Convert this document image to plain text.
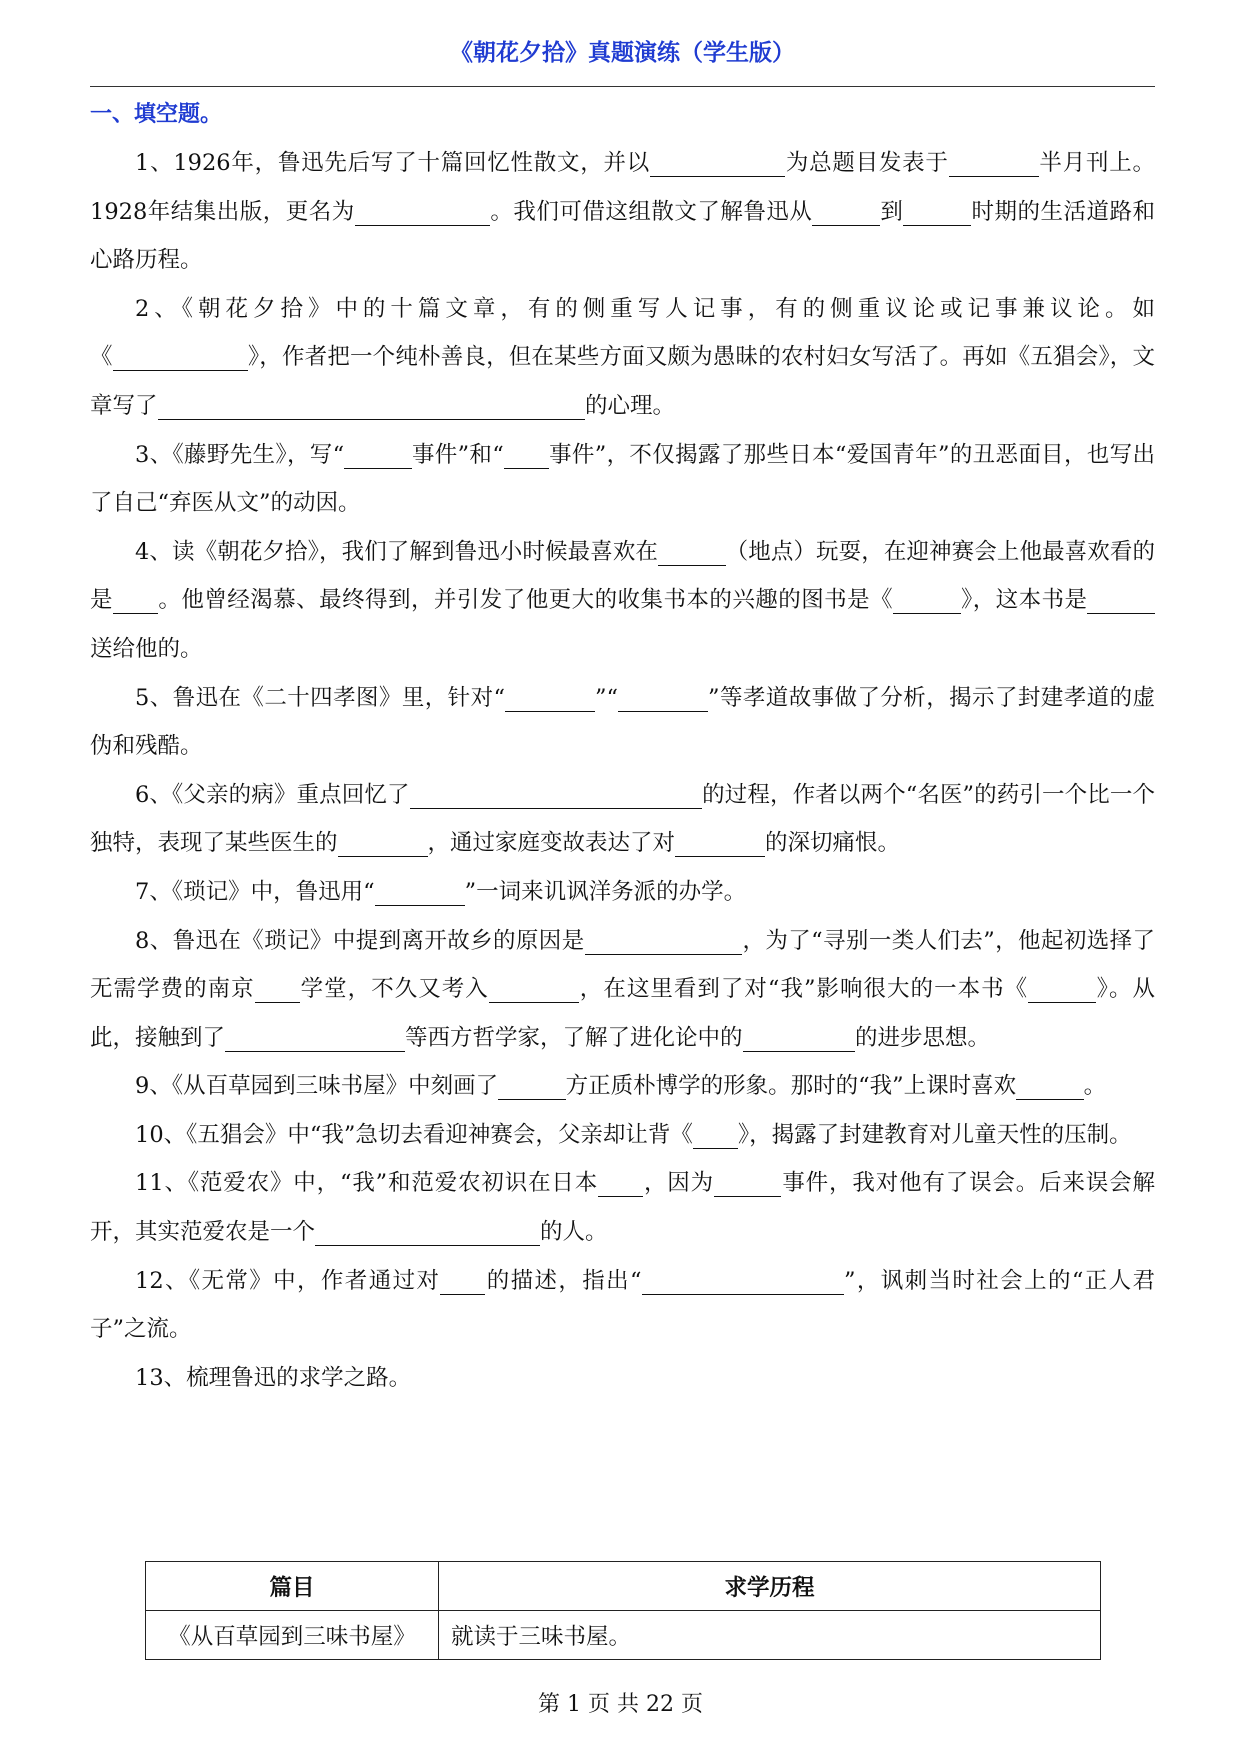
《朝花夕拾》真题演练（学生版）
一、填空题。

1、1926年，鲁迅先后写了十篇回忆性散文，并以	为总题目发表于	半月刊上。1928年结集出版，更名为	。我们可借这组散文了解鲁迅从	到	时期的生活道路和心路历程。

2、《朝花夕拾》中的十篇文章，有的侧重写人记事，有的侧重议论或记事兼议论。如《	》，作者把一个纯朴善良，但在某些方面又颇为愚昧的农村妇女写活了。再如《五猖会》，文章写了	的心理。

3、《藤野先生》，写“	事件”和“ 事件”，不仅揭露了那些日本“爱国青年”的丑恶面目，也写出了自己“弃医从文”的动因。

4、读《朝花夕拾》，我们了解到鲁迅小时候最喜欢在	（地点）玩耍，在迎神赛会上他最喜欢看的是 。他曾经渴慕、最终得到，并引发了他更大的收集书本的兴趣的图书是《	》，这本书是送给他的。

5、鲁迅在《二十四孝图》里，针对“	”“	”等孝道故事做了分析，揭示了封建孝道的虚伪和残酷。

6、《父亲的病》重点回忆了	的过程，作者以两个“名医”的药引一个比一个独特，表现了某些医生的	，通过家庭变故表达了对	的深切痛恨。

7、《琐记》中，鲁迅用“	”一词来讥讽洋务派的办学。

8、鲁迅在《琐记》中提到离开故乡的原因是	，为了“寻别一类人们去”，他起初选择了无需学费的南京 学堂，不久又考入	，在这里看到了对“我”影响很大的一本书《	》。从此，接触到了	等西方哲学家，了解了进化论中的	的进步思想。

9、《从百草园到三味书屋》中刻画了	方正质朴博学的形象。那时的“我”上课时喜欢	。

10、《五猖会》中“我”急切去看迎神赛会，父亲却让背《 》，揭露了封建教育对儿童天性的压制。

11、《范爱农》中，“我”和范爱农初识在日本 ，因为	事件，我对他有了误会。后来误会解开，其实范爱农是一个	的人。

12、《无常》中，作者通过对 的描述，指出“	”，讽刺当时社会上的“正人君子”之流。

13、梳理鲁迅的求学之路。

篇目	求学历程
《从百草园到三味书屋》	就读于三味书屋。
第 1 页 共 22 页
